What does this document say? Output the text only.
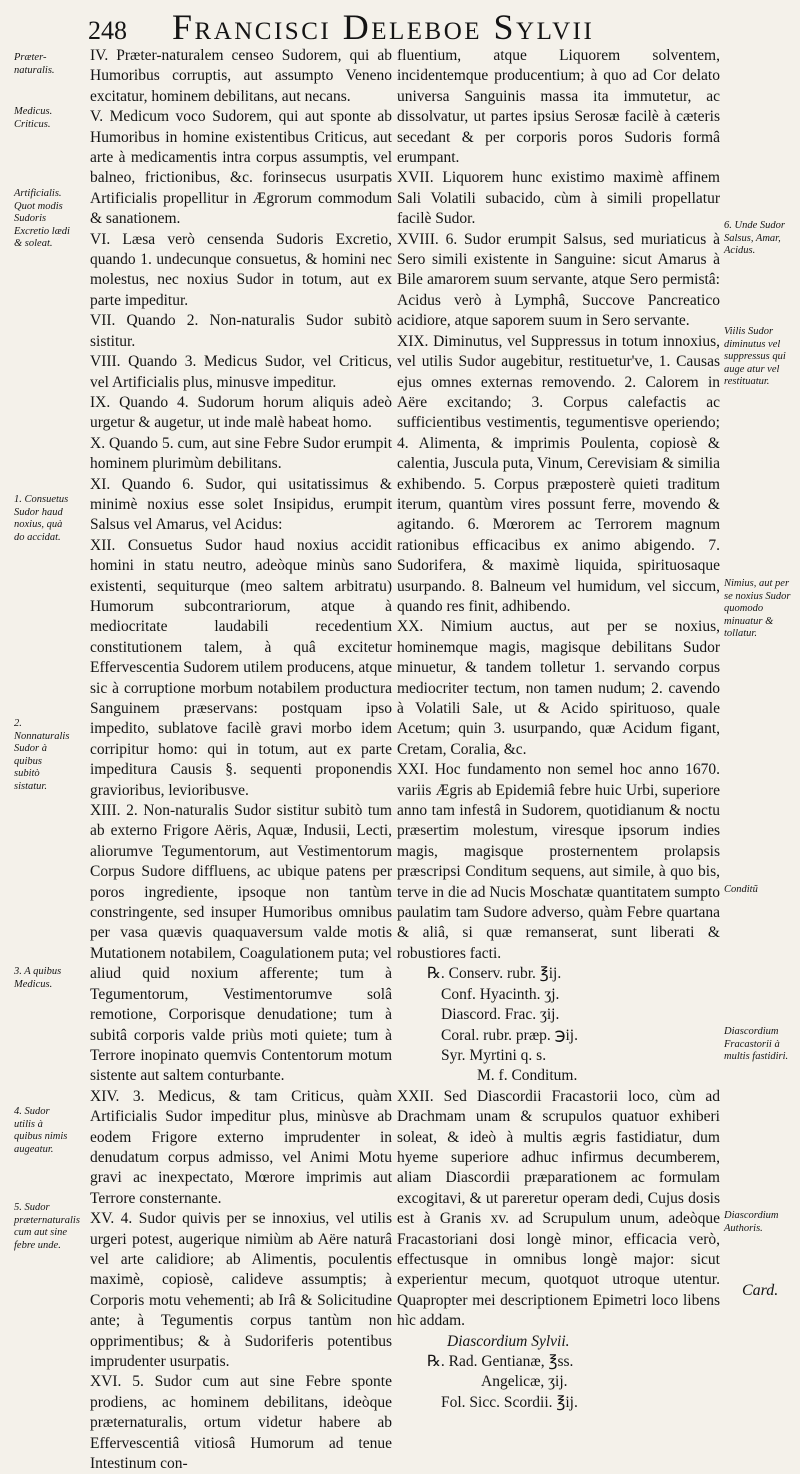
248 Francisci Deleboe Sylvii
Præter-naturalis.
Medicus. Criticus.
Artificialis. Quot modis Sudoris Excretio lædi & soleat.
1. Consuetus Sudor haud noxius, quà do accidat.
2. Nonnaturalis Sudor à quibus subitò sistatur.
3. A quibus Medicus.
4. Sudor utilis à quibus nimis augeatur.
5. Sudor præternaturalis cum aut sine febre unde.
6. Unde Sudor Salsus, Amar, Acidus.
Viilis Sudor diminutus vel suppressus qui auge atur vel restituatur.
Nimius, aut per se noxius Sudor quomodo minuatur & tollatur.
Conditũ
Diascordium Fracastorii à multis fastidiri.
Diascordium Authoris.

IV. Præter-naturalem censeo Sudorem, qui ab Humoribus corruptis, aut assumpto Veneno excitatur, hominem debilitans, aut necans.

V. Medicum voco Sudorem, qui aut sponte ab Humoribus in homine existentibus Criticus, aut arte à medicamentis intra corpus assumptis, vel balneo, frictionibus, &c. forinsecus usurpatis Artificialis propellitur in Ægrorum commodum & sanationem.

VI. Læsa verò censenda Sudoris Excretio, quando 1. undecunque consuetus, & homini nec molestus, nec noxius Sudor in totum, aut ex parte impeditur.

VII. Quando 2. Non-naturalis Sudor subitò sistitur.

VIII. Quando 3. Medicus Sudor, vel Criticus, vel Artificialis plus, minusve impeditur.

IX. Quando 4. Sudorum horum aliquis adeò urgetur & augetur, ut inde malè habeat homo.

X. Quando 5. cum, aut sine Febre Sudor erumpit hominem plurimùm debilitans.

XI. Quando 6. Sudor, qui usitatissimus & minimè noxius esse solet Insipidus, erumpit Salsus vel Amarus, vel Acidus:

XII. Consuetus Sudor haud noxius accidit homini in statu neutro, adeòque minùs sano existenti, sequiturque (meo saltem arbitratu) Humorum subcontrariorum, atque à mediocritate laudabili recedentium constitutionem talem, à quâ excitetur Effervescentia Sudorem utilem producens, atque sic à corruptione morbum notabilem productura Sanguinem præservans: postquam ipso impedito, sublatove facilè gravi morbo idem corripitur homo: qui in totum, aut ex parte impeditura Causis §. sequenti proponendis gravioribus, levioribusve.

XIII. 2. Non-naturalis Sudor sistitur subitò tum ab externo Frigore Aëris, Aquæ, Indusii, Lecti, aliorumve Tegumentorum, aut Vestimentorum Corpus Sudore diffluens, ac ubique patens per poros ingrediente, ipsoque non tantùm constringente, sed insuper Humoribus omnibus per vasa quævis quaquaversum valde motis Mutationem notabilem, Coagulationem puta; vel aliud quid noxium afferente; tum à Tegumentorum, Vestimentorumve solâ remotione, Corporisque denudatione; tum à subitâ corporis valde priùs moti quiete; tum à Terrore inopinato quemvis Contentorum motum sistente aut saltem conturbante.

XIV. 3. Medicus, & tam Criticus, quàm Artificialis Sudor impeditur plus, minùsve ab eodem Frigore externo imprudenter in denudatum corpus admisso, vel Animi Motu gravi ac inexpectato, Mœrore imprimis aut Terrore consternante.

XV. 4. Sudor quivis per se innoxius, vel utilis urgeri potest, augerique nimiùm ab Aëre naturâ vel arte calidiore; ab Alimentis, poculentis maximè, copiosè, calideve assumptis; à Corporis motu vehementi; ab Irâ & Solicitudine ante; à Tegumentis corpus tantùm non opprimentibus; & à Sudoriferis potentibus imprudenter usurpatis.

XVI. 5. Sudor cum aut sine Febre sponte prodiens, ac hominem debilitans, ideòque præternaturalis, ortum videtur habere ab Effervescentiâ vitiosâ Humorum ad tenue Intestinum con-

fluentium, atque Liquorem solventem, incidentemque producentium; à quo ad Cor delato universa Sanguinis massa ita immutetur, ac dissolvatur, ut partes ipsius Serosæ facilè à cæteris secedant & per corporis poros Sudoris formâ erumpant.

XVII. Liquorem hunc existimo maximè affinem Sali Volatili subacido, cùm à simili propellatur facilè Sudor.

XVIII. 6. Sudor erumpit Salsus, sed muriaticus à Sero simili existente in Sanguine: sicut Amarus à Bile amarorem suum servante, atque Sero permistâ: Acidus verò à Lymphâ, Succove Pancreatico acidiore, atque saporem suum in Sero servante.

XIX. Diminutus, vel Suppressus in totum innoxius, vel utilis Sudor augebitur, restituetur've, 1. Causas ejus omnes externas removendo. 2. Calorem in Aëre excitando; 3. Corpus calefactis ac sufficientibus vestimentis, tegumentisve operiendo; 4. Alimenta, & imprimis Poulenta, copiosè & calentia, Juscula puta, Vinum, Cerevisiam & similia exhibendo. 5. Corpus præposterè quieti traditum iterum, quantùm vires possunt ferre, movendo & agitando. 6. Mœrorem ac Terrorem magnum rationibus efficacibus ex animo abigendo. 7. Sudorifera, & maximè liquida, spirituosaque usurpando. 8. Balneum vel humidum, vel siccum, quando res finit, adhibendo.

XX. Nimium auctus, aut per se noxius, hominemque magis, magisque debilitans Sudor minuetur, & tandem tolletur 1. servando corpus mediocriter tectum, non tamen nudum; 2. cavendo à Volatili Sale, ut & Acido spirituoso, quale Acetum; quin 3. usurpando, quæ Acidum figant, Cretam, Coralia, &c.

XXI. Hoc fundamento non semel hoc anno 1670. variis Ægris ab Epidemiâ febre huic Urbi, superiore anno tam infestâ in Sudorem, quotidianum & noctu præsertim molestum, viresque ipsorum indies magis, magisque prosternentem prolapsis præscripsi Conditum sequens, aut simile, à quo bis, terve in die ad Nucis Moschatæ quantitatem sumpto paulatim tam Sudore adverso, quàm Febre quartana & aliâ, si quæ remanserat, sunt liberati & robustiores facti.

℞. Conserv. rubr. ℥ij.

Conf. Hyacinth. ʒj.

Diascord. Frac. ʒij.

Coral. rubr. præp. ℈ij.

Syr. Myrtini q. s.

M. f. Conditum.

XXII. Sed Diascordii Fracastorii loco, cùm ad Drachmam unam & scrupulos quatuor exhiberi soleat, & ideò à multis ægris fastidiatur, dum hyeme superiore adhuc infirmus decumberem, aliam Diascordii præparationem ac formulam excogitavi, & ut pareretur operam dedi, Cujus dosis est à Granis xv. ad Scrupulum unum, adeòque Fracastoriani dosi longè minor, efficacia verò, effectusque in omnibus longè major: sicut experientur mecum, quotquot utroque utentur. Quapropter mei descriptionem Epimetri loco libens hìc addam.

Diascordium Sylvii.

℞. Rad. Gentianæ, ℥ss.

Angelicæ, ʒij.

Fol. Sicc. Scordii. ℥ij.

Card.
